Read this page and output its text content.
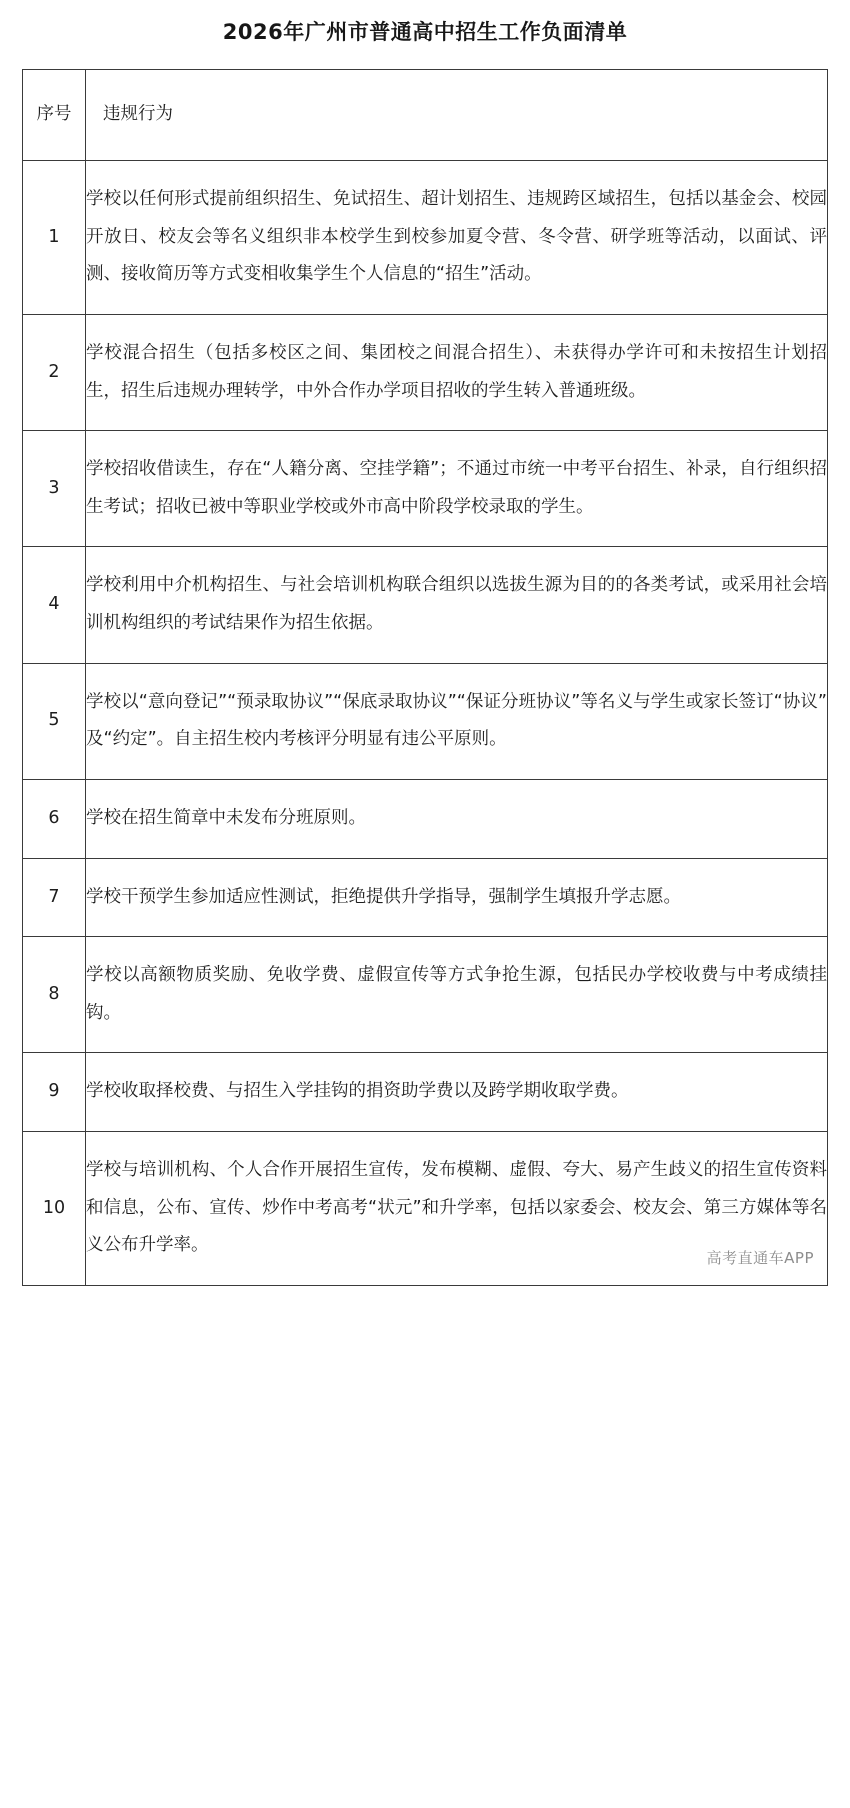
2026年广州市普通高中招生工作负面清单
序号	违规行为
1	学校以任何形式提前组织招生、免试招生、超计划招生、违规跨区域招生，包括以基金会、校园开放日、校友会等名义组织非本校学生到校参加夏令营、冬令营、研学班等活动，以面试、评测、接收简历等方式变相收集学生个人信息的“招生”活动。
2	学校混合招生（包括多校区之间、集团校之间混合招生）、未获得办学许可和未按招生计划招生，招生后违规办理转学，中外合作办学项目招收的学生转入普通班级。
3	学校招收借读生，存在“人籍分离、空挂学籍”；不通过市统一中考平台招生、补录，自行组织招生考试；招收已被中等职业学校或外市高中阶段学校录取的学生。
4	学校利用中介机构招生、与社会培训机构联合组织以选拔生源为目的的各类考试，或采用社会培训机构组织的考试结果作为招生依据。
5	学校以“意向登记”“预录取协议”“保底录取协议”“保证分班协议”等名义与学生或家长签订“协议”及“约定”。自主招生校内考核评分明显有违公平原则。
6	学校在招生简章中未发布分班原则。
7	学校干预学生参加适应性测试，拒绝提供升学指导，强制学生填报升学志愿。
8	学校以高额物质奖励、免收学费、虚假宣传等方式争抢生源，包括民办学校收费与中考成绩挂钩。
9	学校收取择校费、与招生入学挂钩的捐资助学费以及跨学期收取学费。
10	学校与培训机构、个人合作开展招生宣传，发布模糊、虚假、夸大、易产生歧义的招生宣传资料和信息，公布、宣传、炒作中考高考“状元”和升学率，包括以家委会、校友会、第三方媒体等名义公布升学率。
高考直通车APP
